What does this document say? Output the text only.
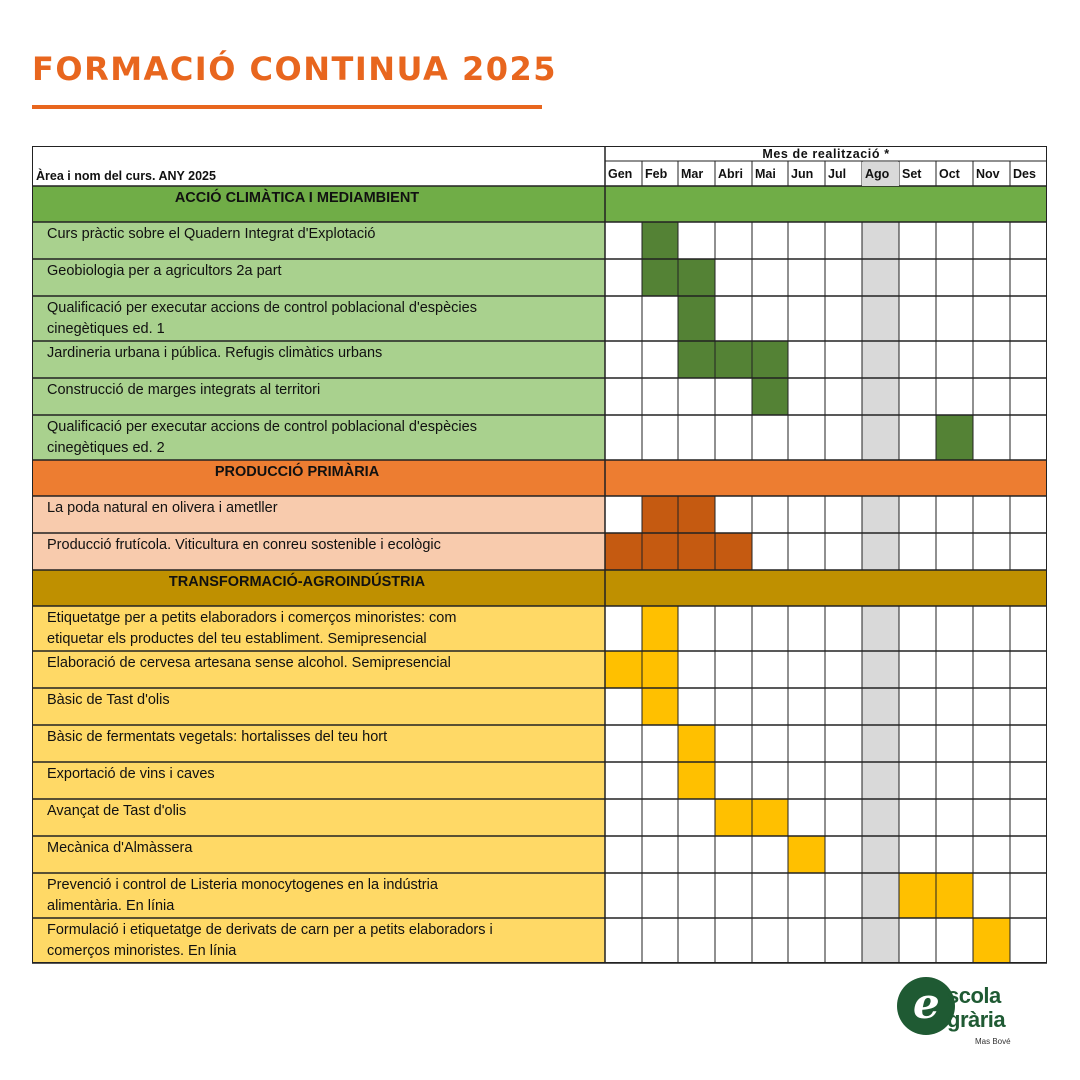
FORMACIÓ CONTINUA 2025
ACCIÓ CLIMÀTICA I MEDIAMBIENT
Curs pràctic sobre el Quadern Integrat d'Explotació
Geobiologia per a agricultors 2a part
Qualificació per executar accions de control poblacional d'espècies
cinegètiques ed. 1
Jardineria urbana i pública. Refugis climàtics urbans
Construcció de marges integrats al territori
Qualificació per executar accions de control poblacional d'espècies
cinegètiques ed. 2
PRODUCCIÓ PRIMÀRIA
La poda natural en olivera i ametller
Producció frutícola. Viticultura en conreu sostenible i ecològic
TRANSFORMACIÓ-AGROINDÚSTRIA
Etiquetatge per a petits elaboradors i comerços minoristes: com
etiquetar els productes del teu establiment. Semipresencial
Elaboració de cervesa artesana sense alcohol. Semipresencial
Bàsic de Tast d'olis
Bàsic de fermentats vegetals: hortalisses del teu hort
Exportació de vins i caves
Avançat de Tast d'olis
Mecànica d'Almàssera
Prevenció i control de Listeria monocytogenes en la indústria
alimentària. En línia
Formulació i etiquetatge de derivats de carn per a petits elaboradors i
comerços minoristes. En línia
Mes de realització *
Àrea i nom del curs. ANY 2025	Gen Feb Mar Abri Mai Jun Jul Ago Set Oct Nov Des
e scola
grària
Mas Bové
